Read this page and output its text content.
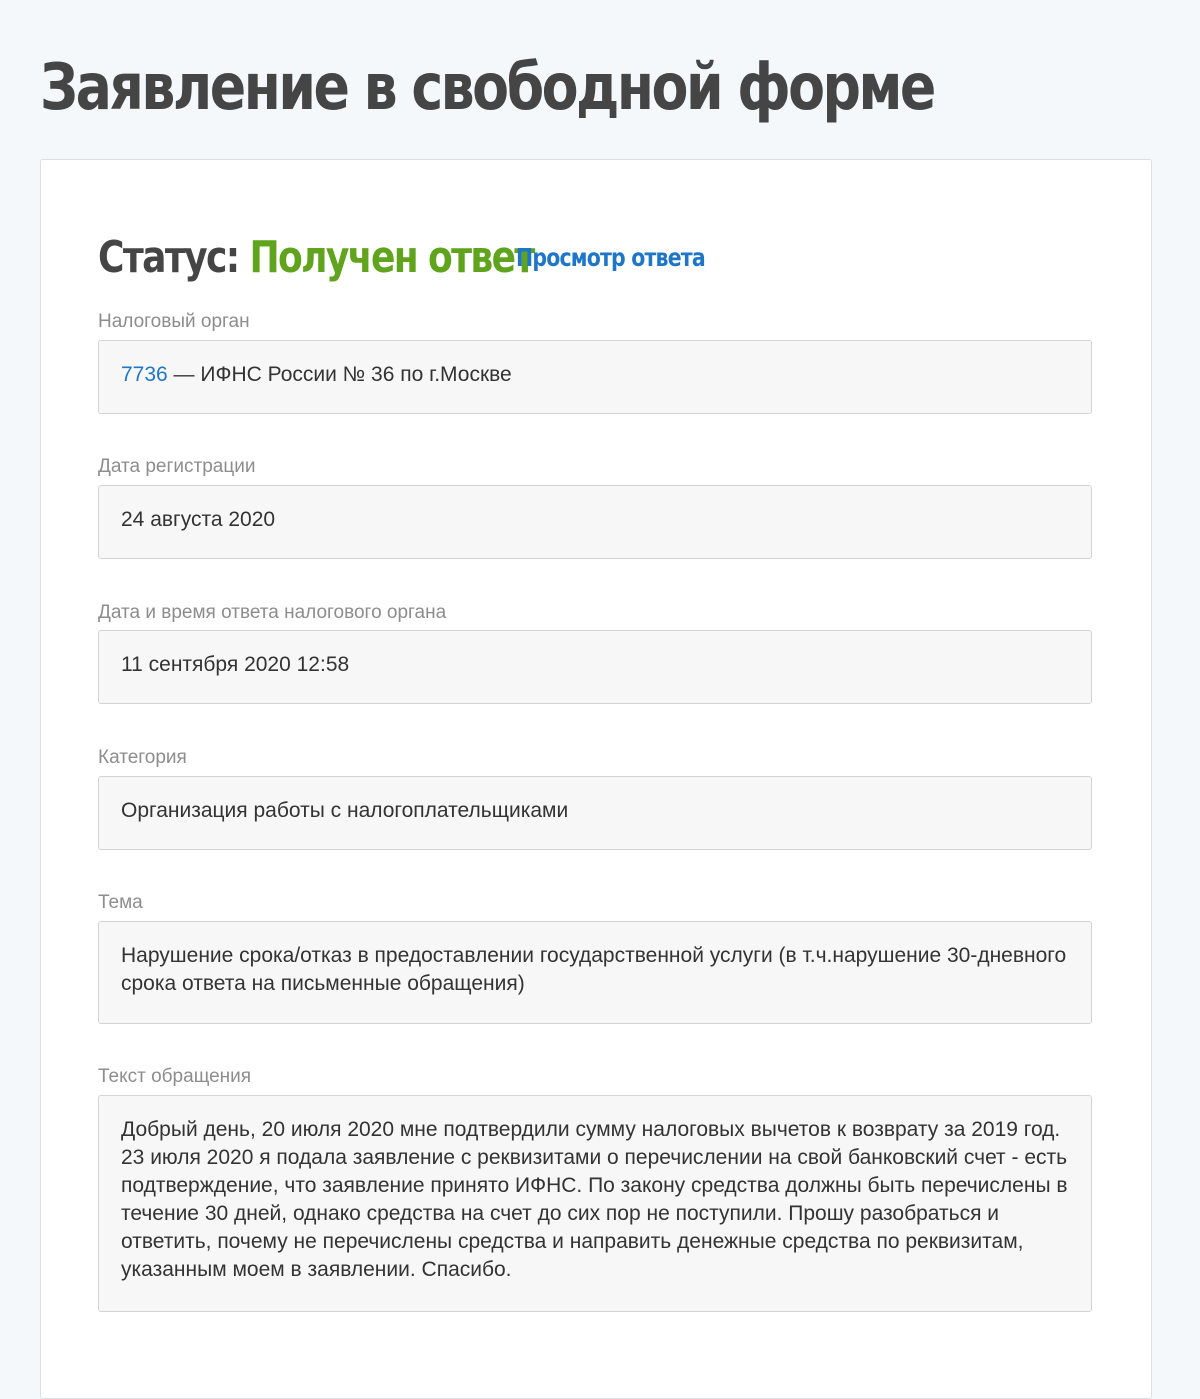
Заявление в свободной форме
Статус: Получен ответ
Просмотр ответа
Налоговый орган
7736 — ИФНС России № 36 по г.Москве
Дата регистрации
24 августа 2020
Дата и время ответа налогового органа
11 сентября 2020 12:58
Категория
Организация работы с налогоплательщиками
Тема
Нарушение срока/отказ в предоставлении государственной услуги (в т.ч.нарушение 30-дневного срока ответа на письменные обращения)
Текст обращения
Добрый день, 20 июля 2020 мне подтвердили сумму налоговых вычетов к возврату за 2019 год. 23 июля 2020 я подала заявление с реквизитами о перечислении на свой банковский счет - есть подтверждение, что заявление принято ИФНС. По закону средства должны быть перечислены в течение 30 дней, однако средства на счет до сих пор не поступили. Прошу разобраться и ответить, почему не перечислены средства и направить денежные средства по реквизитам, указанным моем в заявлении. Спасибо.
